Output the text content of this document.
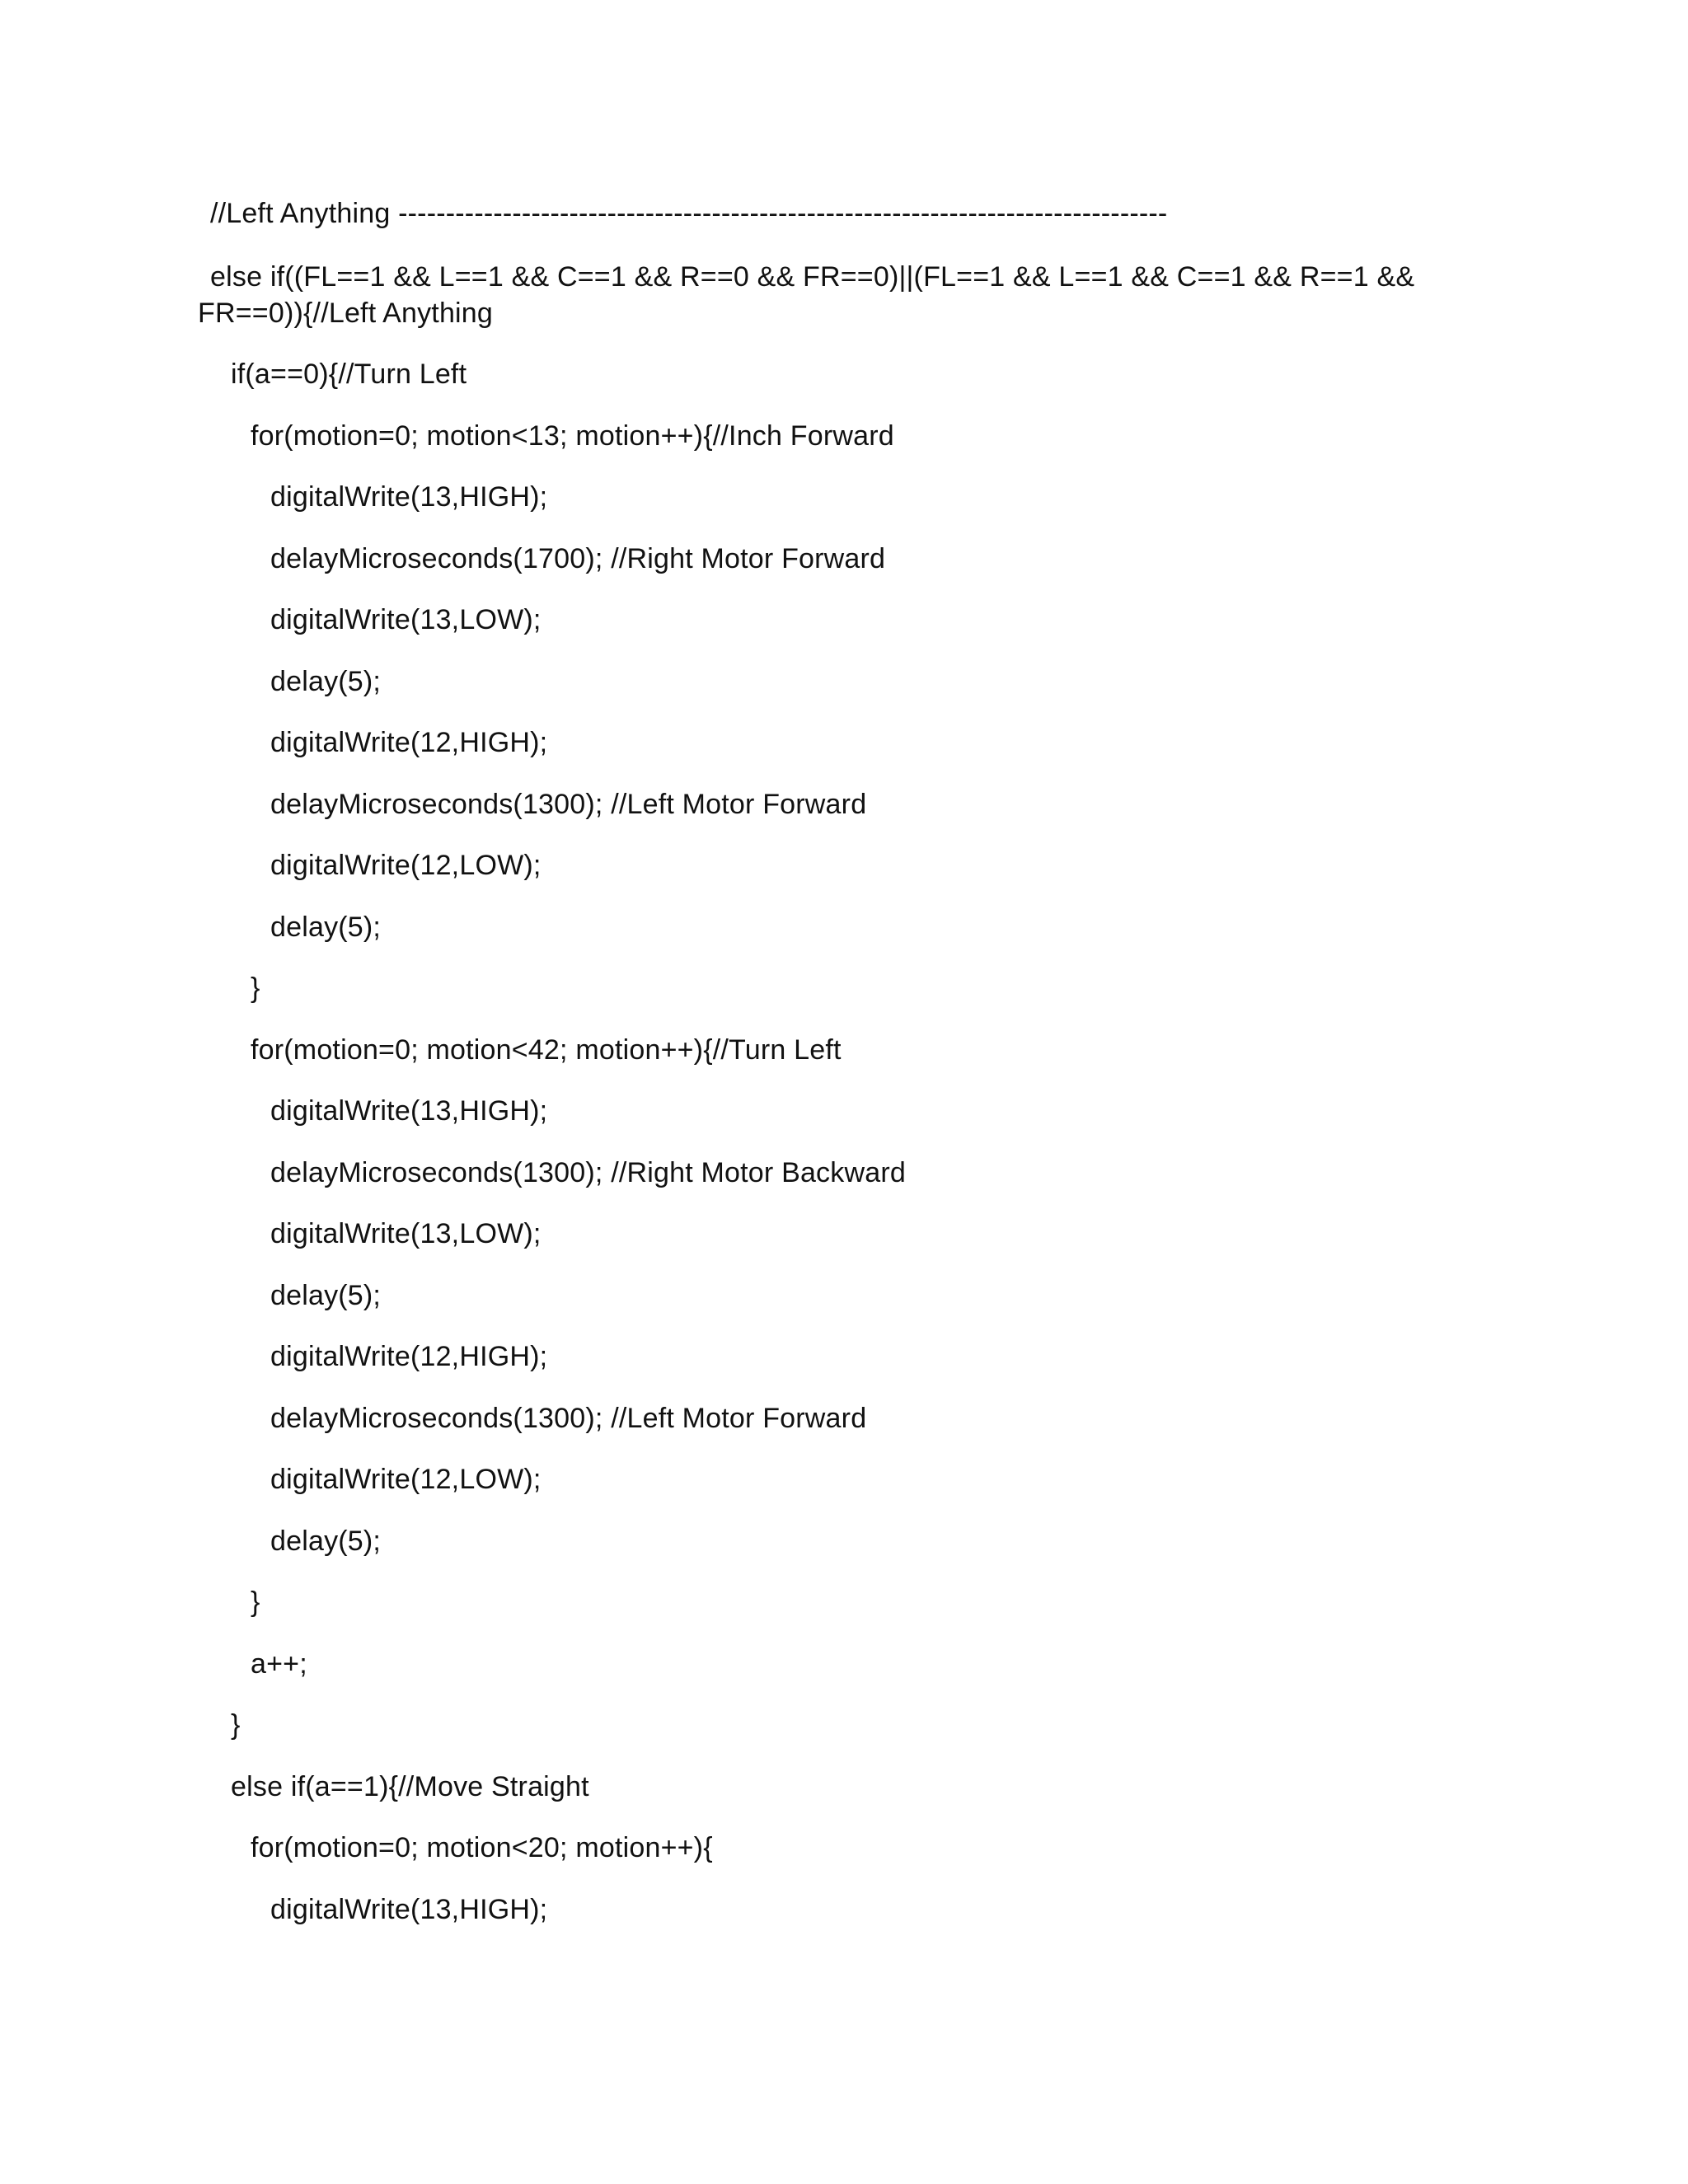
//Left Anything ---------------------------------------------------------------------------------
else if((FL==1 && L==1 && C==1 && R==0 && FR==0)||(FL==1 && L==1 && C==1 && R==1 &&
FR==0)){//Left Anything
if(a==0){//Turn Left
for(motion=0; motion<13; motion++){//Inch Forward
digitalWrite(13,HIGH);
delayMicroseconds(1700); //Right Motor Forward
digitalWrite(13,LOW);
delay(5);
digitalWrite(12,HIGH);
delayMicroseconds(1300); //Left Motor Forward
digitalWrite(12,LOW);
delay(5);
}
for(motion=0; motion<42; motion++){//Turn Left
digitalWrite(13,HIGH);
delayMicroseconds(1300); //Right Motor Backward
digitalWrite(13,LOW);
delay(5);
digitalWrite(12,HIGH);
delayMicroseconds(1300); //Left Motor Forward
digitalWrite(12,LOW);
delay(5);
}
a++;
}
else if(a==1){//Move Straight
for(motion=0; motion<20; motion++){
digitalWrite(13,HIGH);
